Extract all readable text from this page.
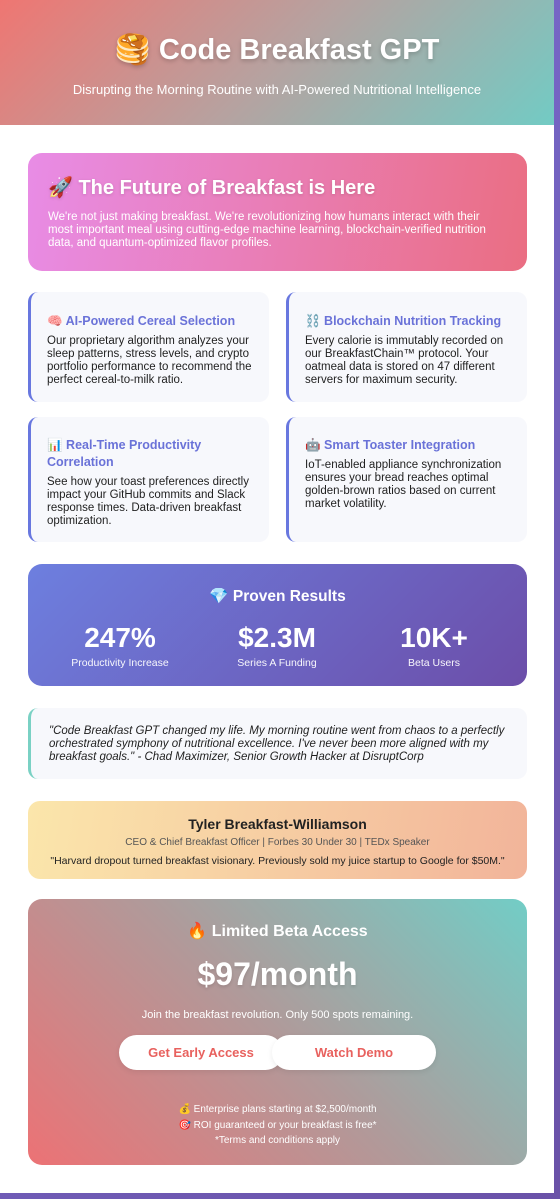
🥞 Code Breakfast GPT
Disrupting the Morning Routine with AI-Powered Nutritional Intelligence
🚀 The Future of Breakfast is Here

We're not just making breakfast. We're revolutionizing how humans interact with their most important meal using cutting-edge machine learning, blockchain-verified nutrition data, and quantum-optimized flavor profiles.

🧠 AI-Powered Cereal Selection

Our proprietary algorithm analyzes your sleep patterns, stress levels, and crypto portfolio performance to recommend the perfect cereal-to-milk ratio.

⛓️ Blockchain Nutrition Tracking

Every calorie is immutably recorded on our BreakfastChain™ protocol. Your oatmeal data is stored on 47 different servers for maximum security.

📊 Real-Time Productivity Correlation

See how your toast preferences directly impact your GitHub commits and Slack response times. Data-driven breakfast optimization.

🤖 Smart Toaster Integration

IoT-enabled appliance synchronization ensures your bread reaches optimal golden-brown ratios based on current market volatility.

💎 Proven Results
247%
Productivity Increase
$2.3M
Series A Funding
10K+
Beta Users
"Code Breakfast GPT changed my life. My morning routine went from chaos to a perfectly orchestrated symphony of nutritional excellence. I've never been more aligned with my breakfast goals." - Chad Maximizer, Senior Growth Hacker at DisruptCorp
Tyler Breakfast-Williamson
CEO & Chief Breakfast Officer | Forbes 30 Under 30 | TEDx Speaker
"Harvard dropout turned breakfast visionary. Previously sold my juice startup to Google for $50M."
🔥 Limited Beta Access
$97/month
Join the breakfast revolution. Only 500 spots remaining.
Get Early Access	Watch Demo
💰 Enterprise plans starting at $2,500/month
🎯 ROI guaranteed or your breakfast is free*
*Terms and conditions apply
